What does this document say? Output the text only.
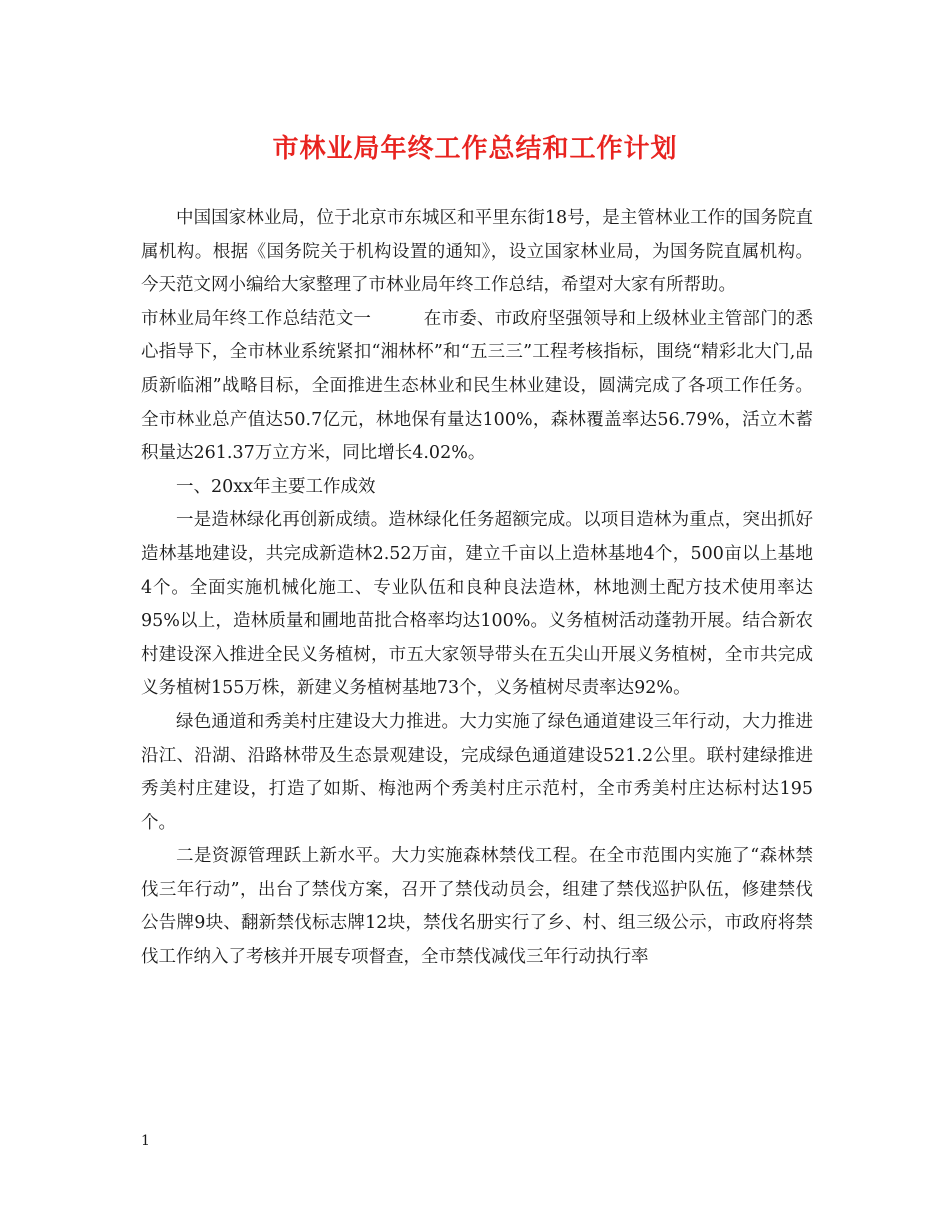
市林业局年终工作总结和工作计划

中国国家林业局，位于北京市东城区和平里东街18号，是主管林业工作的国务院直属机构。根据《国务院关于机构设置的通知》，设立国家林业局，为国务院直属机构。今天范文网小编给大家整理了市林业局年终工作总结，希望对大家有所帮助。

市林业局年终工作总结范文一	在市委、市政府坚强领导和上级林业主管部门的悉心指导下，全市林业系统紧扣“湘林杯”和“五三三”工程考核指标，围绕“精彩北大门,品质新临湘”战略目标，全面推进生态林业和民生林业建设，圆满完成了各项工作任务。全市林业总产值达50.7亿元，林地保有量达100%，森林覆盖率达56.79%，活立木蓄积量达261.37万立方米，同比增长4.02%。

一、20xx年主要工作成效

一是造林绿化再创新成绩。造林绿化任务超额完成。以项目造林为重点，突出抓好造林基地建设，共完成新造林2.52万亩，建立千亩以上造林基地4个，500亩以上基地4个。全面实施机械化施工、专业队伍和良种良法造林，林地测土配方技术使用率达95%以上，造林质量和圃地苗批合格率均达100%。义务植树活动蓬勃开展。结合新农村建设深入推进全民义务植树，市五大家领导带头在五尖山开展义务植树，全市共完成义务植树155万株，新建义务植树基地73个，义务植树尽责率达92%。

绿色通道和秀美村庄建设大力推进。大力实施了绿色通道建设三年行动，大力推进沿江、沿湖、沿路林带及生态景观建设，完成绿色通道建设521.2公里。联村建绿推进秀美村庄建设，打造了如斯、梅池两个秀美村庄示范村，全市秀美村庄达标村达195个。

二是资源管理跃上新水平。大力实施森林禁伐工程。在全市范围内实施了“森林禁伐三年行动”，出台了禁伐方案，召开了禁伐动员会，组建了禁伐巡护队伍，修建禁伐公告牌9块、翻新禁伐标志牌12块，禁伐名册实行了乡、村、组三级公示，市政府将禁伐工作纳入了考核并开展专项督查，全市禁伐减伐三年行动执行率

1
